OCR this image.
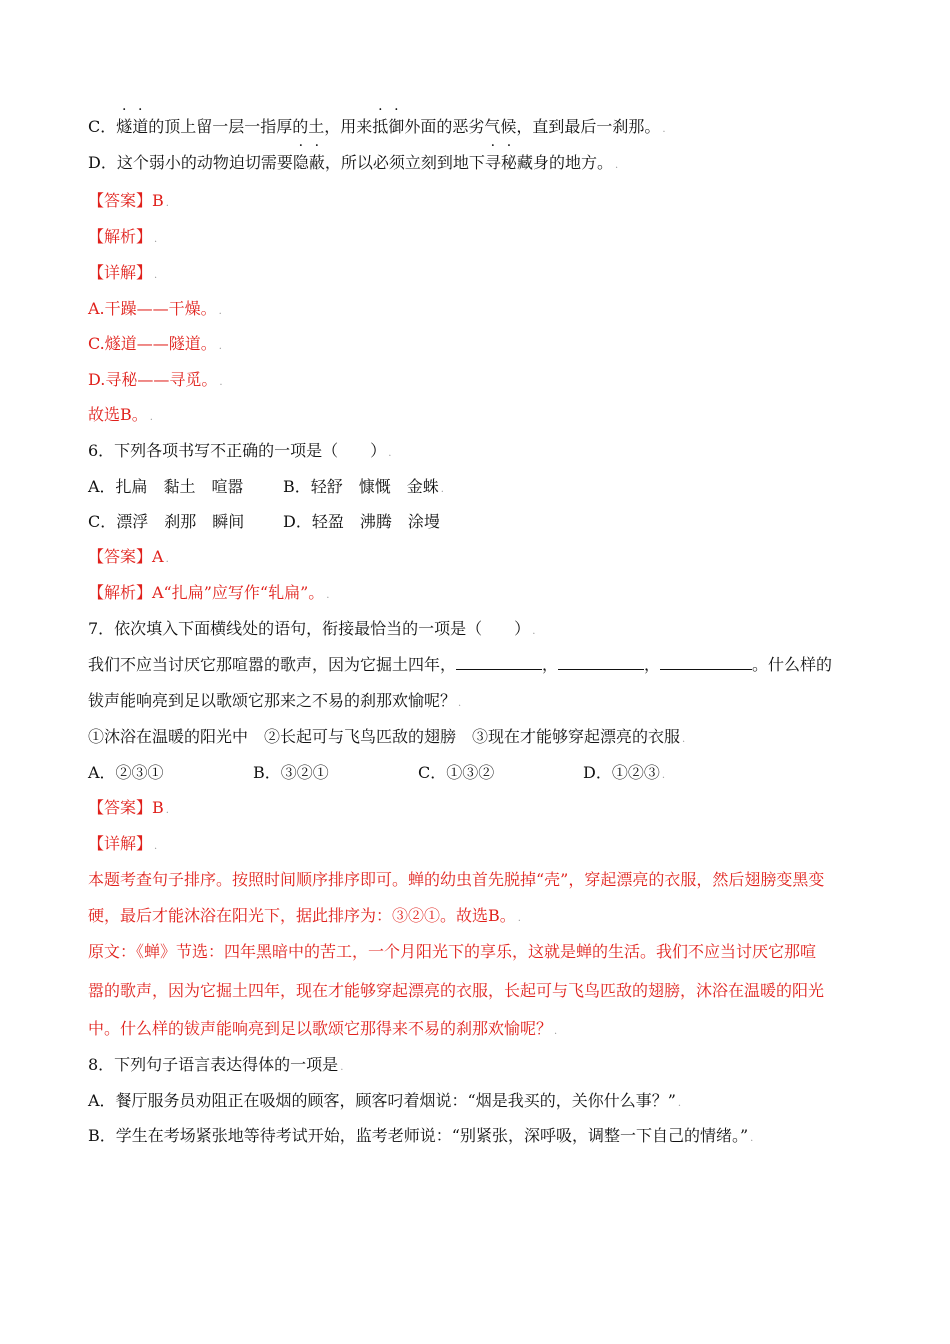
C．燧道的顶上留一层一指厚的土，用来抵御外面的恶劣气候，直到最后一刹那。 .
D．这个弱小的动物迫切需要隐蔽，所以必须立刻到地下寻秘藏身的地方。 .
【答案】B .
【解析】 .
【详解】 .
A.干躁——干燥。 .
C.燧道——隧道。 .
D.寻秘——寻觅。 .
故选B。 .
6．下列各项书写不正确的一项是（　　） .
A．扎扁　黏土　喧嚣 B．轻舒　慷慨　金蛛 .
C．漂浮　刹那　瞬间 D．轻盈　沸腾　涂墁
【答案】A .
【解析】A“扎扁”应写作“轧扁”。 .
7．依次填入下面横线处的语句，衔接最恰当的一项是（　　） .
我们不应当讨厌它那喧嚣的歌声，因为它掘土四年，	，	，	。什么样的
钹声能响亮到足以歌颂它那来之不易的刹那欢愉呢？ .
①沐浴在温暖的阳光中　②长起可与飞鸟匹敌的翅膀　③现在才能够穿起漂亮的衣服 .
A．②③①	B．③②①	C．①③②	D．①②③ .
【答案】B .
【详解】 .
本题考查句子排序。按照时间顺序排序即可。蝉的幼虫首先脱掉“壳”，穿起漂亮的衣服，然后翅膀变黑变
硬，最后才能沐浴在阳光下，据此排序为：③②①。故选B。 .
原文：《蝉》节选：四年黑暗中的苦工，一个月阳光下的享乐，这就是蝉的生活。我们不应当讨厌它那喧
嚣的歌声，因为它掘土四年，现在才能够穿起漂亮的衣服，长起可与飞鸟匹敌的翅膀，沐浴在温暖的阳光
中。什么样的钹声能响亮到足以歌颂它那得来不易的刹那欢愉呢？ .
8．下列句子语言表达得体的一项是 .
A．餐厅服务员劝阻正在吸烟的顾客，顾客叼着烟说：“烟是我买的，关你什么事？” .
B．学生在考场紧张地等待考试开始，监考老师说：“别紧张，深呼吸，调整一下自己的情绪。” .
